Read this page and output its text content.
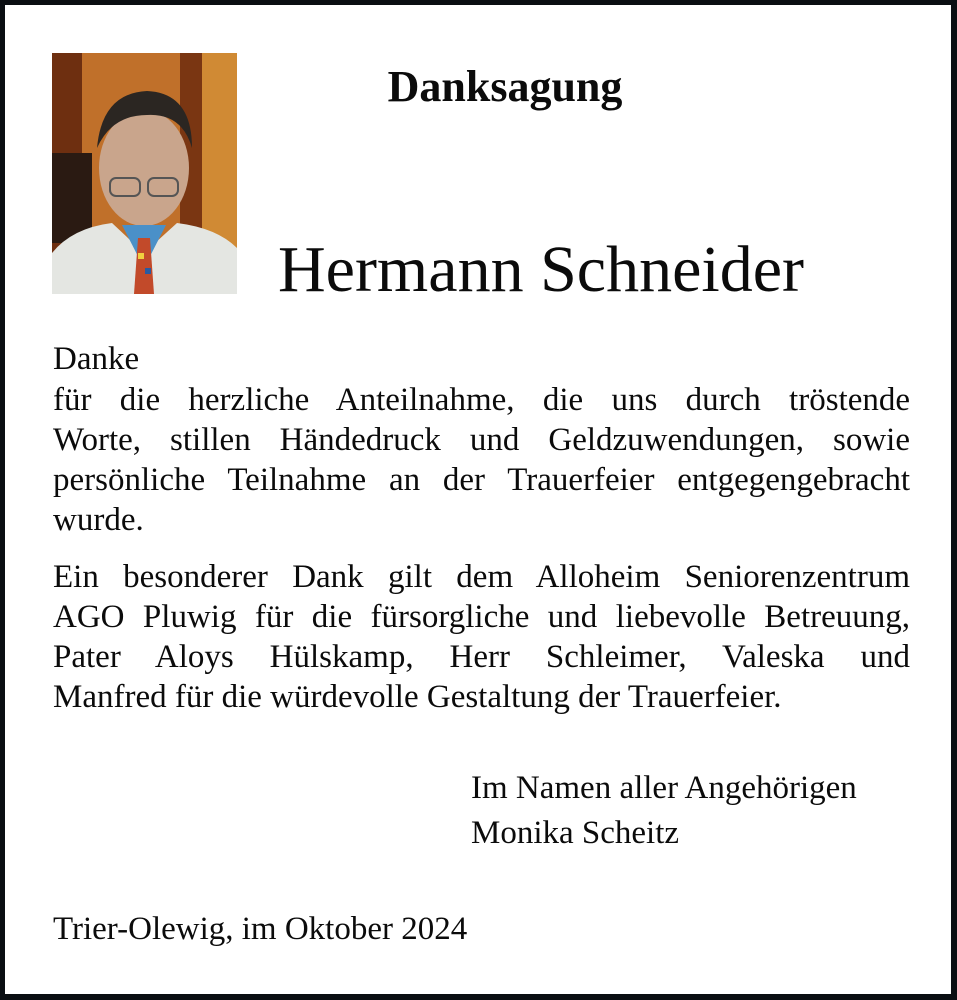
Danksagung
Hermann Schneider
Danke
für die herzliche Anteilnahme, die uns durch tröstende
Worte, stillen Händedruck und Geldzuwendungen, sowie
persönliche Teilnahme an der Trauerfeier entgegengebracht
wurde.
Ein besonderer Dank gilt dem Alloheim Seniorenzentrum
AGO Pluwig für die fürsorgliche und liebevolle Betreuung,
Pater Aloys Hülskamp, Herr Schleimer, Valeska und
Manfred für die würdevolle Gestaltung der Trauerfeier.
Im Namen aller Angehörigen
Monika Scheitz
Trier-Olewig, im Oktober 2024
